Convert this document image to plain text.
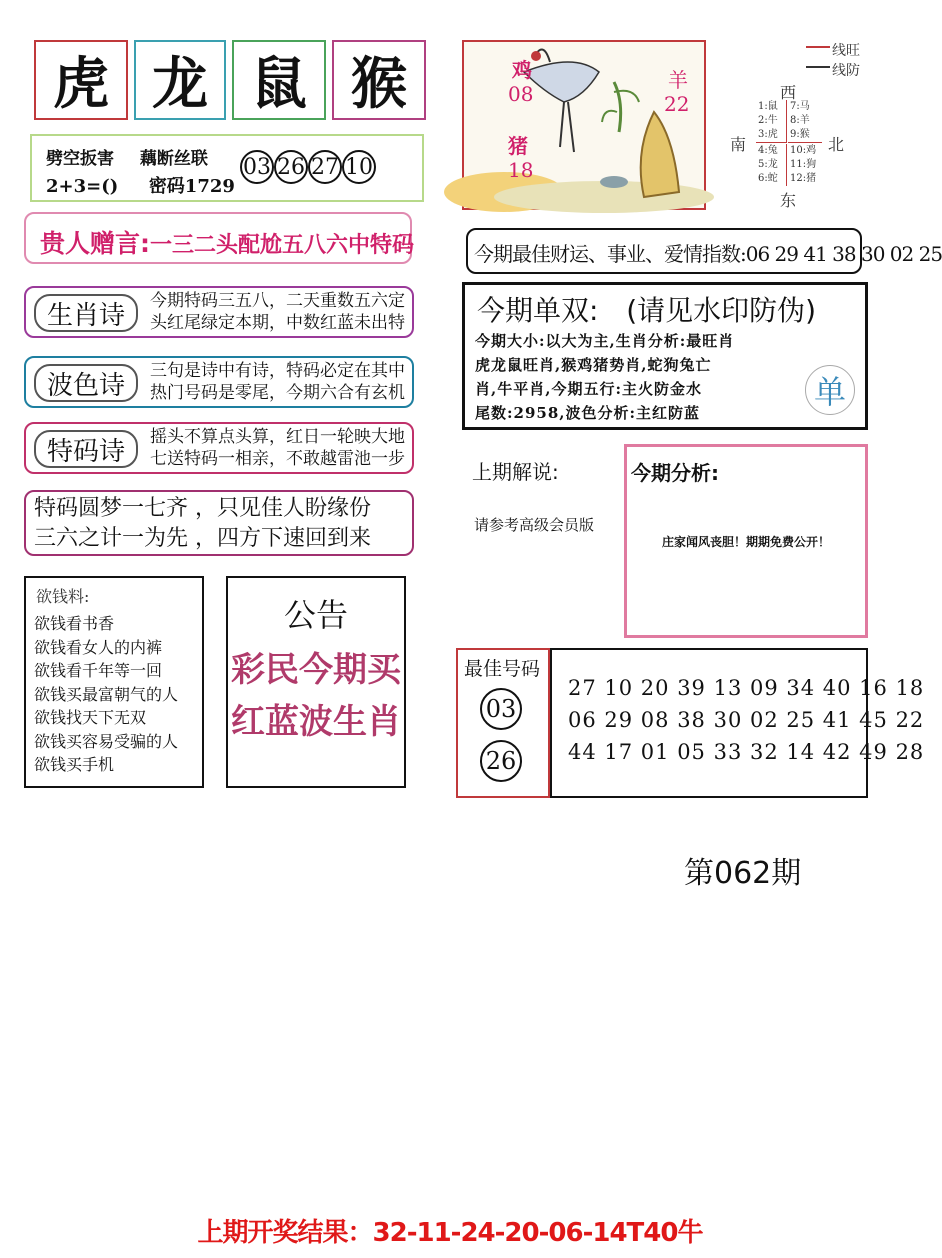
虎 龙 鼠 猴
劈空扳害 藕断丝联
2+3=() 密码1729
03 26 27 10
贵人赠言:一三二头配尬五八六中特码
生肖诗	今期特码三五八，二天重数五六定
头红尾绿定本期，中数红蓝未出特
波色诗	三句是诗中有诗，特码必定在其中
热门号码是零尾，今期六合有玄机
特码诗	摇头不算点头算，红日一轮映大地
七送特码一相亲，不敢越雷池一步
特码圆梦一七齐 ，只见佳人盼缘份
三六之计一为先 ，四方下速回到来
欲钱料:
欲钱看书香
欲钱看女人的内裤
欲钱看千年等一回
欲钱买最富朝气的人
欲钱找天下无双
欲钱买容易受骗的人
欲钱买手机
公告
彩民今期买
红蓝波生肖
鸡
08
猪
18
羊
22
线旺
线防
西
南	北
东
1:鼠
2:牛
3:虎
7:马
8:羊
9:猴
4:兔
5:龙
6:蛇
10:鸡
11:狗
12:猪
今期最佳财运、事业、爱情指数:06 29 41 38 30 02 25
今期单双: (请见水印防伪)
今期大小:以大为主,生肖分析:最旺肖
虎龙鼠旺肖,猴鸡猪势肖,蛇狗兔亡
肖,牛平肖,今期五行:主火防金水
尾数:2958,波色分析:主红防蓝
单
上期解说:
请参考高级会员版
今期分析:
庄家闻风丧胆！期期免费公开！
最佳号码
03
26
27 10 20 39 13 09 34 40 16 18
06 29 08 38 30 02 25 41 45 22
44 17 01 05 33 32 14 42 49 28
第062期
上期开奖结果：32-11-24-20-06-14T40牛
